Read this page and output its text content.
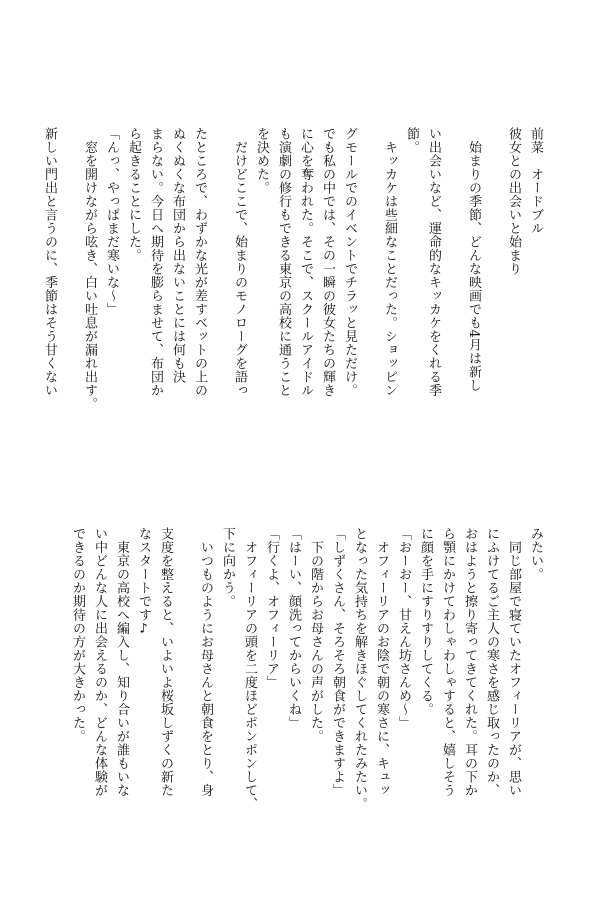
前菜　オードブル

彼女との出会いと始まり

　始まりの季節、どんな映画でも4月は新し

い出会いなど、運命的なキッカケをくれる季

節。

　キッカケは些細なことだった。ショッピン

グモールでのイベントでチラッと見ただけ。

でも私の中では、その一瞬の彼女たちの輝き

に心を奪われた。そこで、スクールアイドル

も演劇の修行もできる東京の高校に通うこと

を決めた。

　だけどここで、始まりのモノローグを語っ

たところで、わずかな光が差すベットの上の

ぬくぬくな布団から出ないことには何も決

まらない。今日へ期待を膨らませて、布団か

ら起きることにした。

「んっ、やっぱまだ寒いな～」

　窓を開けながら呟き、白い吐息が漏れ出す。

新しい門出と言うのに、季節はそう甘くない

みたい。

　同じ部屋で寝ていたオフィーリアが、思い

にふけてるご主人の寒さを感じ取ったのか、

おはようと擦り寄ってきてくれた。耳の下か

ら顎にかけてわしゃわしゃすると、嬉しそう

に顔を手にすりすりしてくる。

「おーおー、甘えん坊さんめ～」

　オフィーリアのお陰で朝の寒さに、キュッ

となった気持ちを解きほぐしてくれたみたい。

「しずくさん、そろそろ朝食ができますよ」

　下の階からお母さんの声がした。

「はーい、顔洗ってからいくね」

「行くよ、オフィーリア」

　オフィーリアの頭を二度ほどポンポンして、

下に向かう。

　いつものようにお母さんと朝食をとり、身

支度を整えると、いよいよ桜坂しずくの新た

なスタートです♪

　東京の高校へ編入し、知り合いが誰もいな

い中どんな人に出会えるのか、どんな体験が

できるのか期待の方が大きかった。
